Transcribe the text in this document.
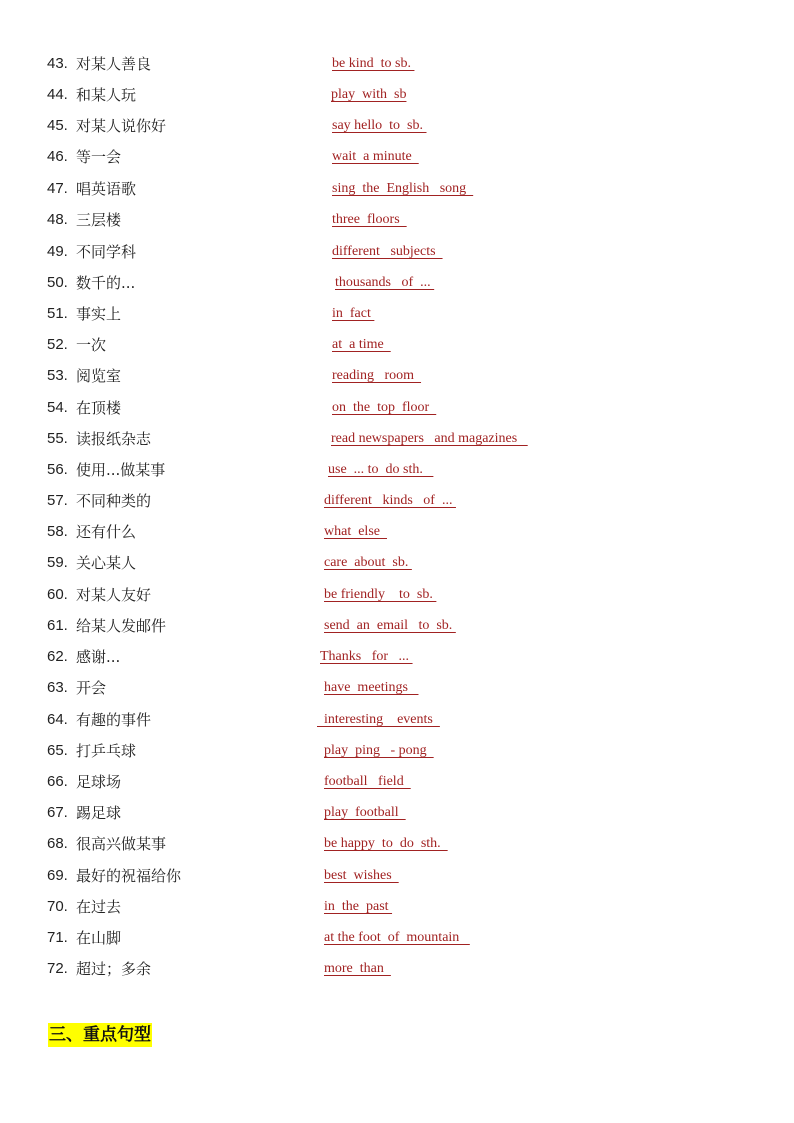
43. 对某人善良	be kind  to sb.
44. 和某人玩	play  with  sb
45. 对某人说你好	say hello  to  sb.
46. 等一会	wait  a minute
47. 唱英语歌	sing  the  English   song
48. 三层楼	three  floors
49. 不同学科	different   subjects
50. 数千的...	thousands   of  ...
51. 事实上	in  fact
52. 一次	at  a time
53. 阅览室	reading   room
54. 在顶楼	on  the  top  floor
55. 读报纸杂志	read newspapers   and magazines
56. 使用...做某事	use  ... to  do sth.
57. 不同种类的	different   kinds   of  ...
58. 还有什么	what  else
59. 关心某人	care  about  sb.
60. 对某人友好	be friendly    to  sb.
61. 给某人发邮件	send  an  email   to  sb.
62. 感谢...	Thanks   for   ...
63. 开会	have  meetings
64. 有趣的事件	interesting    events
65. 打乒乓球	play  ping   - pong
66. 足球场	football   field
67. 踢足球	play  football
68. 很高兴做某事	be happy  to  do  sth.
69. 最好的祝福给你	best  wishes
70. 在过去	in  the  past
71. 在山脚	at the foot  of  mountain
72. 超过；多余	more  than
三、重点句型
